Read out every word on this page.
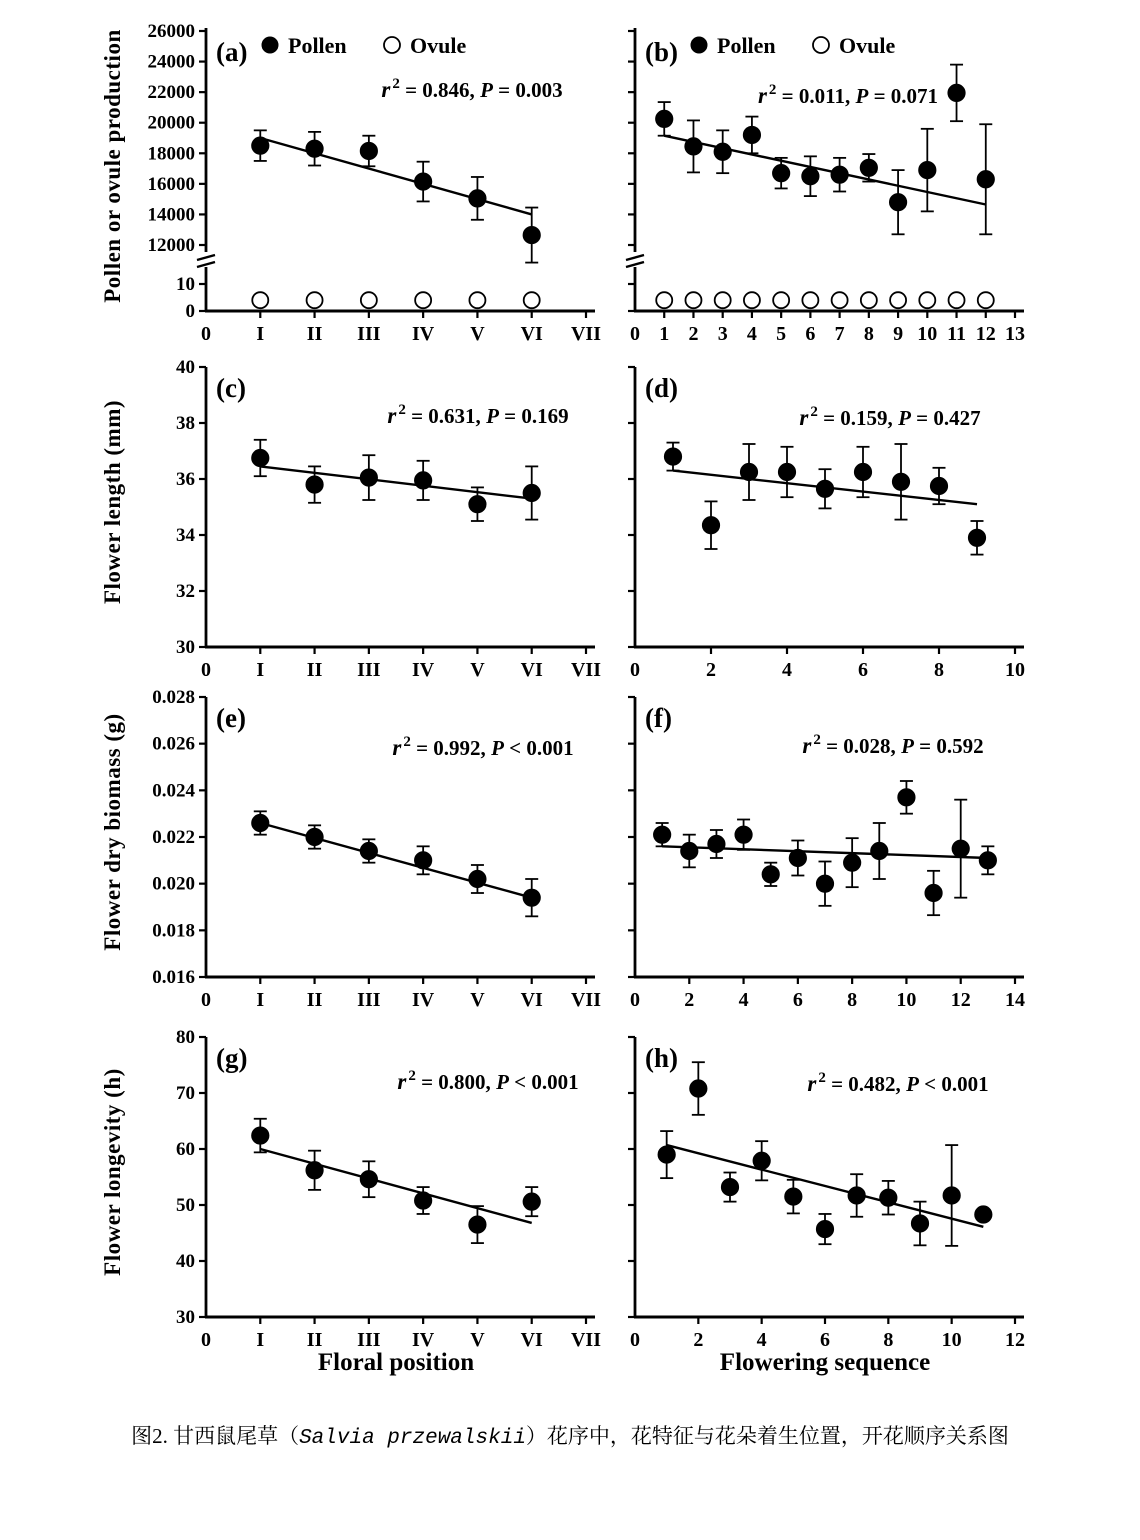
Pollen or ovule production
Flower length (mm)
Flower dry biomass (g)
Flower longevity (h)
12000
14000
16000
18000
20000
22000
24000
26000
0
10
0 I II III IV V VI VII
(a) Pollen	Ovule
r $^2$ = 0.846, P = 0.003
0 1 2 3 4 5 6 7 8 9 10 11 12 13
(b) Pollen	Ovule
r $^2$ = 0.011, P = 0.071
30
32
34
36
38
40
0 I II III IV V VI VII
(c)
r $^2$ = 0.631, P = 0.169
0	2	4	6	8	10
(d)
r $^2$ = 0.159, P = 0.427
0.016
0.018
0.020
0.022
0.024
0.026
0.028
0 I II III IV V VI VII
(e)
r $^2$ = 0.992, P < 0.001
0 2 4 6 8 10 12 14
(f)
r $^2$ = 0.028, P = 0.592
30
40
50
60
70
80
0 I II III IV V VI VII
(g)
r $^2$ = 0.800, P < 0.001
0	2	4	6	8 10 12
(h)
r $^2$ = 0.482, P < 0.001
Floral position	Flowering sequence
图2. 甘西鼠尾草（Salvia przewalskii）花序中，花特征与花朵着生位置，开花顺序关系图
